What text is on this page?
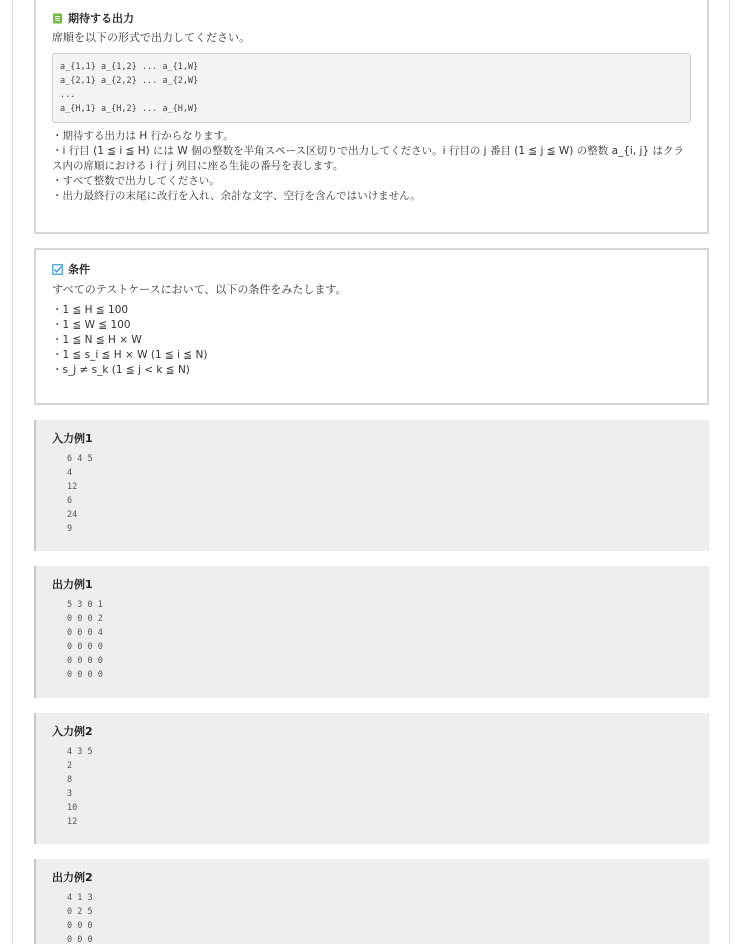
期待する出力
席順を以下の形式で出力してください。
a_{1,1} a_{1,2} ... a_{1,W}
a_{2,1} a_{2,2} ... a_{2,W}
...
a_{H,1} a_{H,2} ... a_{H,W}
・期待する出力は H 行からなります。
・i 行目 (1 ≦ i ≦ H) には W 個の整数を半角スペース区切りで出力してください。i 行目の j 番目 (1 ≦ j ≦ W) の整数 a_{i, j} はクラ
ス内の席順における i 行 j 列目に座る生徒の番号を表します。
・すべて整数で出力してください。
・出力最終行の末尾に改行を入れ、余計な文字、空行を含んではいけません。
条件
すべてのテストケースにおいて、以下の条件をみたします。
・1 ≦ H ≦ 100
・1 ≦ W ≦ 100
・1 ≦ N ≦ H × W
・1 ≦ s_i ≦ H × W (1 ≦ i ≦ N)
・s_j ≠ s_k (1 ≦ j < k ≦ N)
入力例1
6 4 5
4
12
6
24
9
出力例1
5 3 0 1
0 0 0 2
0 0 0 4
0 0 0 0
0 0 0 0
0 0 0 0
入力例2
4 3 5
2
8
3
10
12
出力例2
4 1 3
0 2 5
0 0 0
0 0 0
